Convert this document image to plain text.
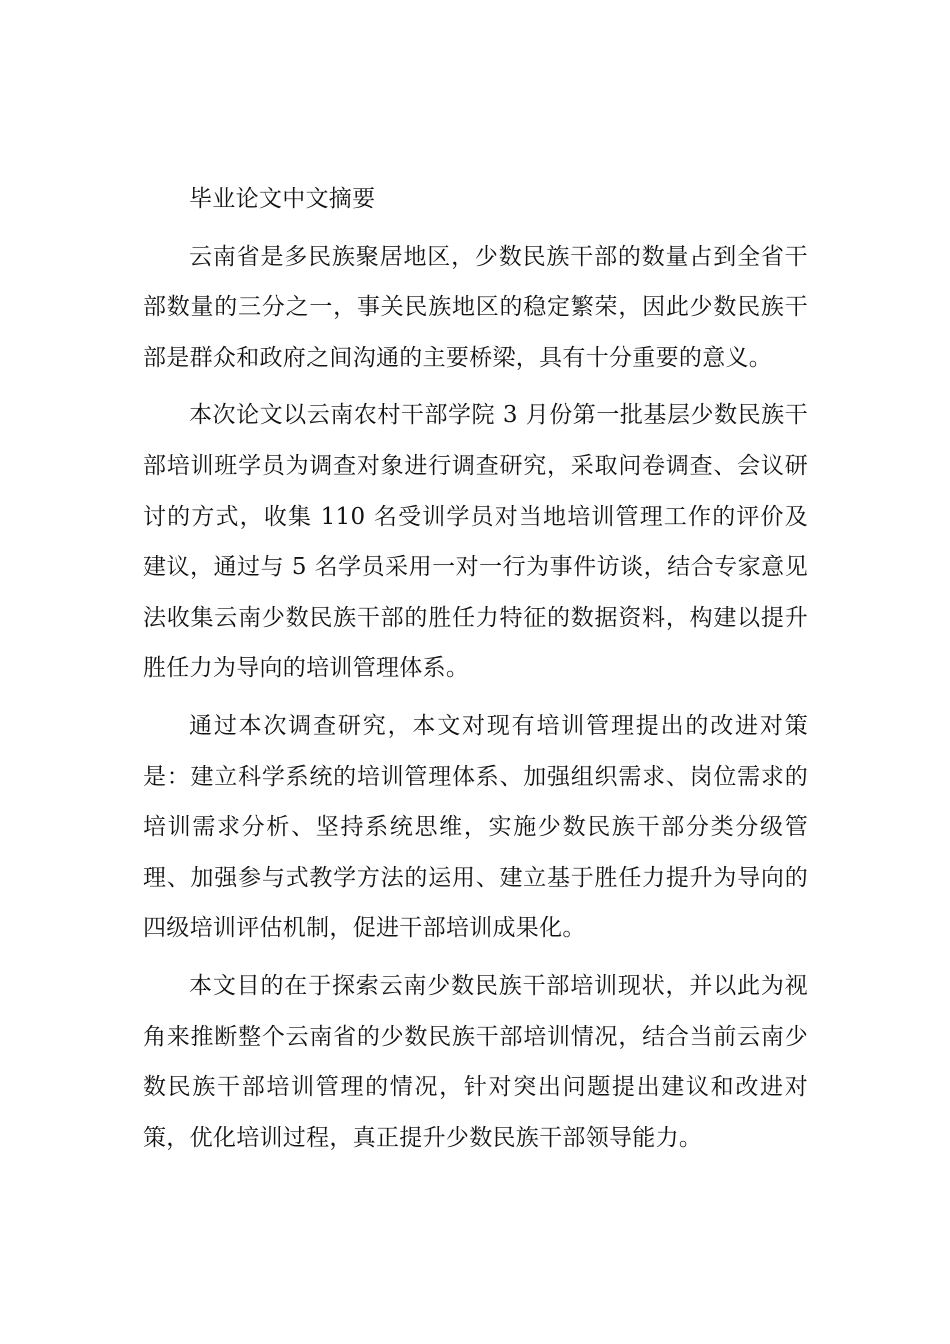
毕业论文中文摘要

云南省是多民族聚居地区，少数民族干部的数量占到全省干部数量的三分之一，事关民族地区的稳定繁荣，因此少数民族干部是群众和政府之间沟通的主要桥梁，具有十分重要的意义。

本次论文以云南农村干部学院 3 月份第一批基层少数民族干部培训班学员为调查对象进行调查研究，采取问卷调查、会议研讨的方式，收集 110 名受训学员对当地培训管理工作的评价及建议，通过与 5 名学员采用一对一行为事件访谈，结合专家意见法收集云南少数民族干部的胜任力特征的数据资料，构建以提升胜任力为导向的培训管理体系。

通过本次调查研究，本文对现有培训管理提出的改进对策是：建立科学系统的培训管理体系、加强组织需求、岗位需求的培训需求分析、坚持系统思维，实施少数民族干部分类分级管理、加强参与式教学方法的运用、建立基于胜任力提升为导向的四级培训评估机制，促进干部培训成果化。

本文目的在于探索云南少数民族干部培训现状，并以此为视角来推断整个云南省的少数民族干部培训情况，结合当前云南少数民族干部培训管理的情况，针对突出问题提出建议和改进对策，优化培训过程，真正提升少数民族干部领导能力。
